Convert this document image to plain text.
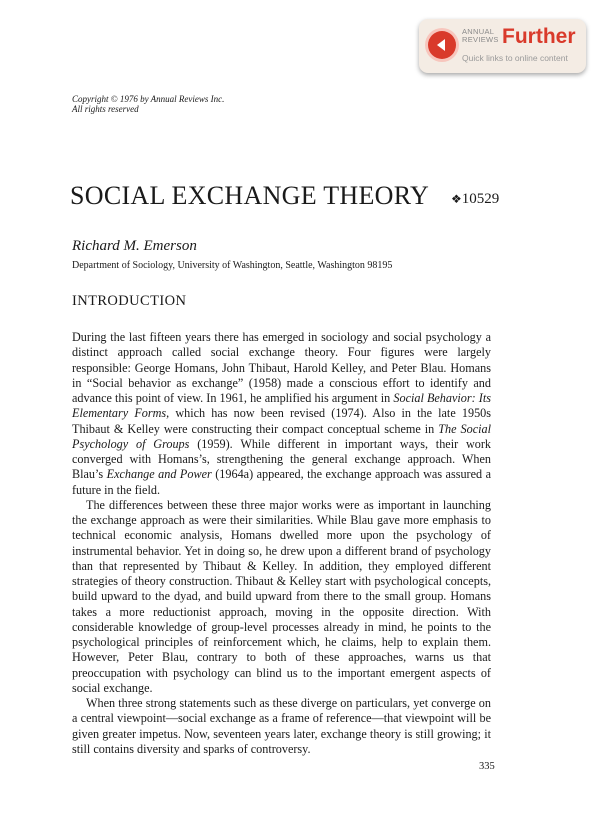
ANNUAL
REVIEWS Further
Quick links to online content
Copyright © 1976 by Annual Reviews Inc.
All rights reserved
SOCIAL EXCHANGE THEORY ❖10529
Richard M. Emerson
Department of Sociology, University of Washington, Seattle, Washington 98195
INTRODUCTION

During the last fifteen years there has emerged in sociology and social psychology a distinct approach called social exchange theory. Four figures were largely responsible: George Homans, John Thibaut, Harold Kelley, and Peter Blau. Homans in “Social behavior as exchange” (1958) made a conscious effort to identify and advance this point of view. In 1961, he amplified his argument in Social Behavior: Its Elementary Forms, which has now been revised (1974). Also in the late 1950s Thibaut & Kelley were constructing their compact conceptual scheme in The Social Psychology of Groups (1959). While different in important ways, their work converged with Homans’s, strengthening the general exchange approach. When Blau’s Exchange and Power (1964a) appeared, the exchange approach was assured a future in the field.

The differences between these three major works were as important in launching the exchange approach as were their similarities. While Blau gave more emphasis to technical economic analysis, Homans dwelled more upon the psychology of instrumental behavior. Yet in doing so, he drew upon a different brand of psychology than that represented by Thibaut & Kelley. In addition, they employed different strategies of theory construction. Thibaut & Kelley start with psychological concepts, build upward to the dyad, and build upward from there to the small group. Homans takes a more reductionist approach, moving in the opposite direction. With considerable knowledge of group-level processes already in mind, he points to the psychological principles of reinforcement which, he claims, help to explain them. However, Peter Blau, contrary to both of these approaches, warns us that preoccupation with psychology can blind us to the important emergent aspects of social exchange.

When three strong statements such as these diverge on particulars, yet converge on a central viewpoint—social exchange as a frame of reference—that viewpoint will be given greater impetus. Now, seventeen years later, exchange theory is still growing; it still contains diversity and sparks of controversy.

335
